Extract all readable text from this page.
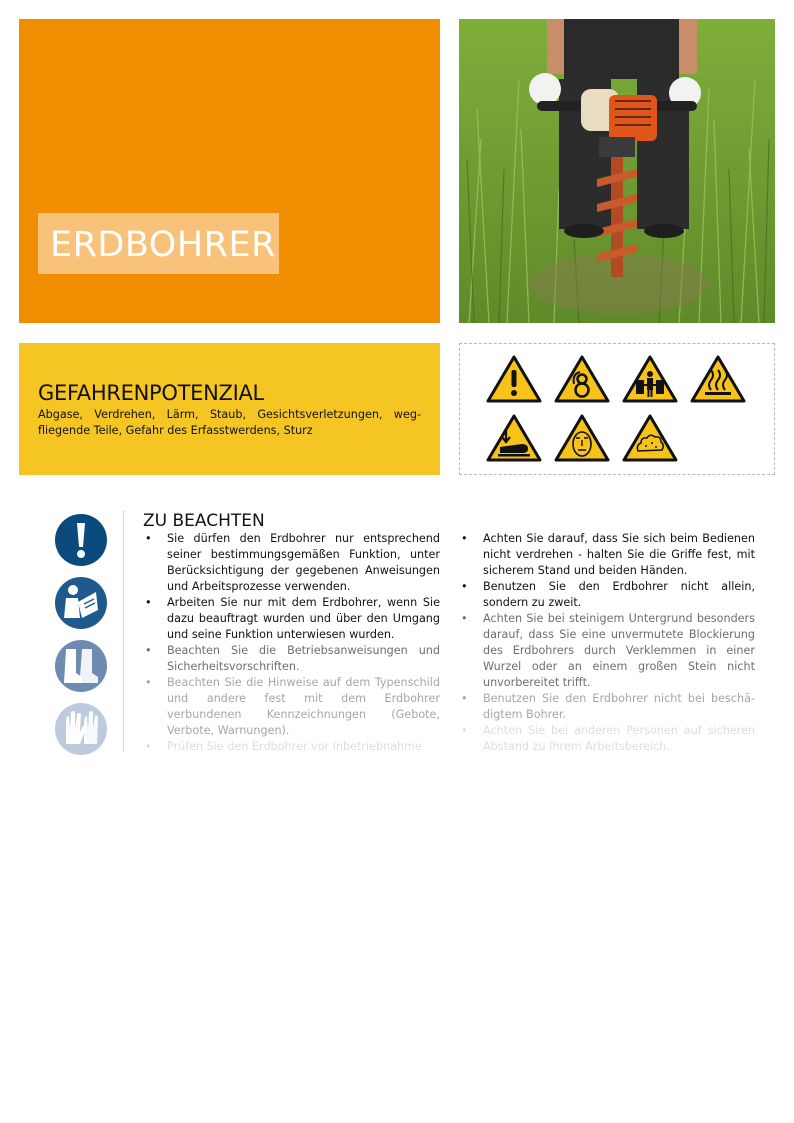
ERDBOHRER
GEFAHRENPOTENZIAL
Abgase, Verdrehen, Lärm, Staub, Gesichtsverletzungen, wegfliegende Teile, Gefahr des Erfasstwerdens, Sturz
ZU BEACHTEN
• Sie dürfen den Erdbohrer nur entsprechend seiner bestimmungsgemäßen Funktion, unter Berücksichtigung der gegebenen Anweisungen und Arbeitsprozesse verwenden.
• Arbeiten Sie nur mit dem Erdbohrer, wenn Sie dazu beauftragt wurden und über den Umgang und seine Funktion unterwiesen wurden.
• Beachten Sie die Betriebsanweisungen und Sicherheitsvorschriften.
• Beachten Sie die Hinweise auf dem Typenschild und andere fest mit dem Erdbohrer verbundenen Kennzeichnungen (Gebote, Verbote, Warnungen).
• Prüfen Sie den Erdbohrer vor Inbetriebnahme
• Achten Sie darauf, dass Sie sich beim Bedienen nicht verdrehen - halten Sie die Griffe fest, mit sicherem Stand und beiden Händen.
• Benutzen Sie den Erdbohrer nicht allein, sondern zu zweit.
• Achten Sie bei steinigem Untergrund besonders darauf, dass Sie eine unvermutete Blockierung des Erdbohrers durch Verklemmen in einer Wurzel oder an einem großen Stein nicht unvorbereitet trifft.
• Benutzen Sie den Erdbohrer nicht bei beschädigtem Bohrer.
• Achten Sie bei anderen Personen auf sicheren Abstand zu Ihrem Arbeitsbereich.
